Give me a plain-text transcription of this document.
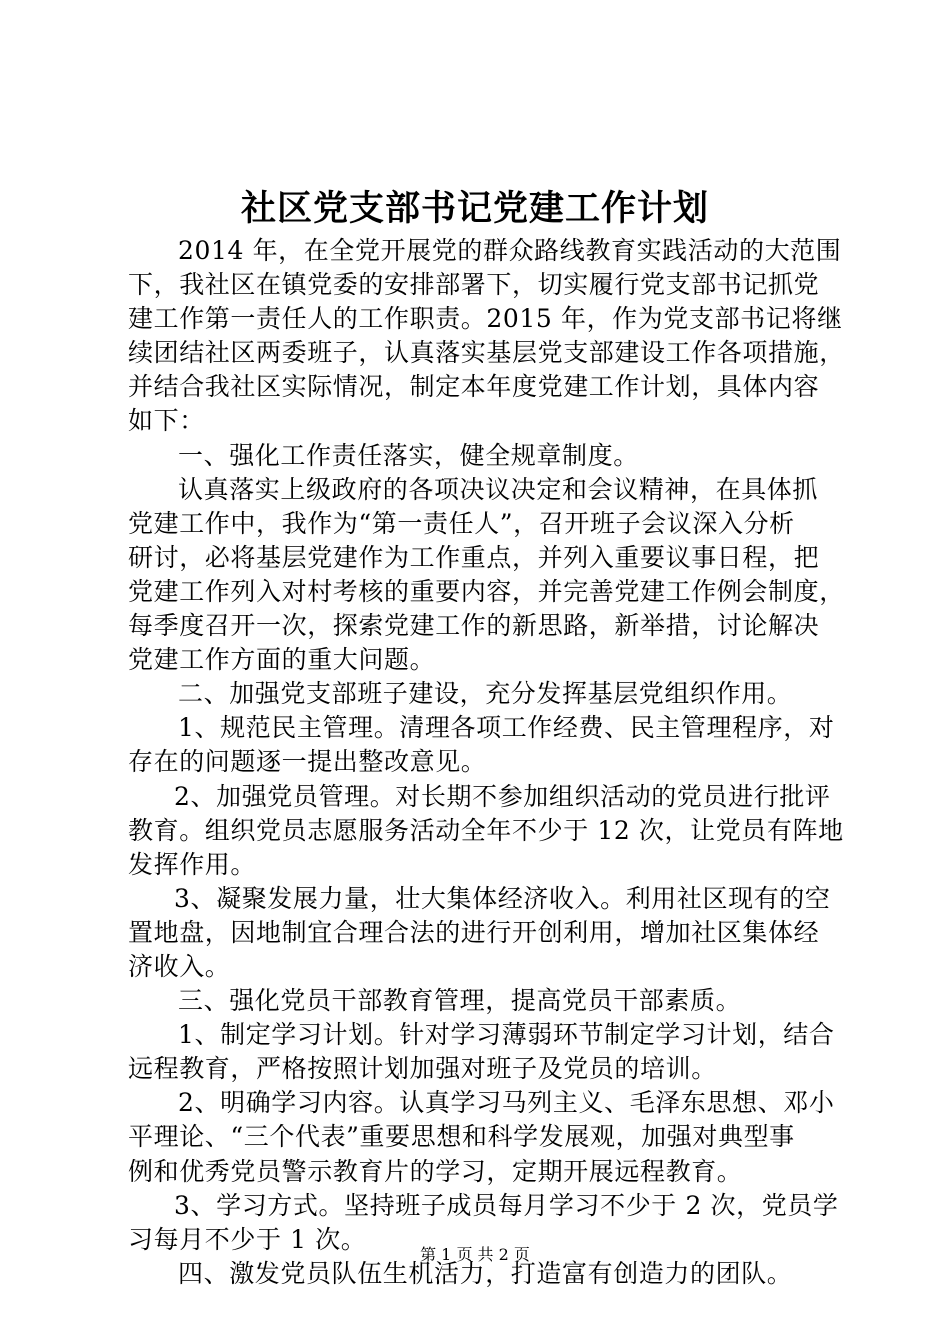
社区党支部书记党建工作计划
2014 年，在全党开展党的群众路线教育实践活动的大范围
下，我社区在镇党委的安排部署下，切实履行党支部书记抓党
建工作第一责任人的工作职责。2015 年，作为党支部书记将继
续团结社区两委班子，认真落实基层党支部建设工作各项措施，
并结合我社区实际情况，制定本年度党建工作计划，具体内容
如下：
一、强化工作责任落实，健全规章制度。
认真落实上级政府的各项决议决定和会议精神，在具体抓
党建工作中，我作为“第一责任人”，召开班子会议深入分析
研讨，必将基层党建作为工作重点，并列入重要议事日程，把
党建工作列入对村考核的重要内容，并完善党建工作例会制度，
每季度召开一次，探索党建工作的新思路，新举措，讨论解决
党建工作方面的重大问题。
二、加强党支部班子建设，充分发挥基层党组织作用。
1、规范民主管理。清理各项工作经费、民主管理程序，对
存在的问题逐一提出整改意见。
2、加强党员管理。对长期不参加组织活动的党员进行批评
教育。组织党员志愿服务活动全年不少于 12 次，让党员有阵地
发挥作用。
3、凝聚发展力量，壮大集体经济收入。利用社区现有的空
置地盘，因地制宜合理合法的进行开创利用，增加社区集体经
济收入。
三、强化党员干部教育管理，提高党员干部素质。
1、制定学习计划。针对学习薄弱环节制定学习计划，结合
远程教育，严格按照计划加强对班子及党员的培训。
2、明确学习内容。认真学习马列主义、毛泽东思想、邓小
平理论、“三个代表”重要思想和科学发展观，加强对典型事
例和优秀党员警示教育片的学习，定期开展远程教育。
3、学习方式。坚持班子成员每月学习不少于 2 次，党员学
习每月不少于 1 次。
四、激发党员队伍生机活力，打造富有创造力的团队。
第 1 页 共 2 页
